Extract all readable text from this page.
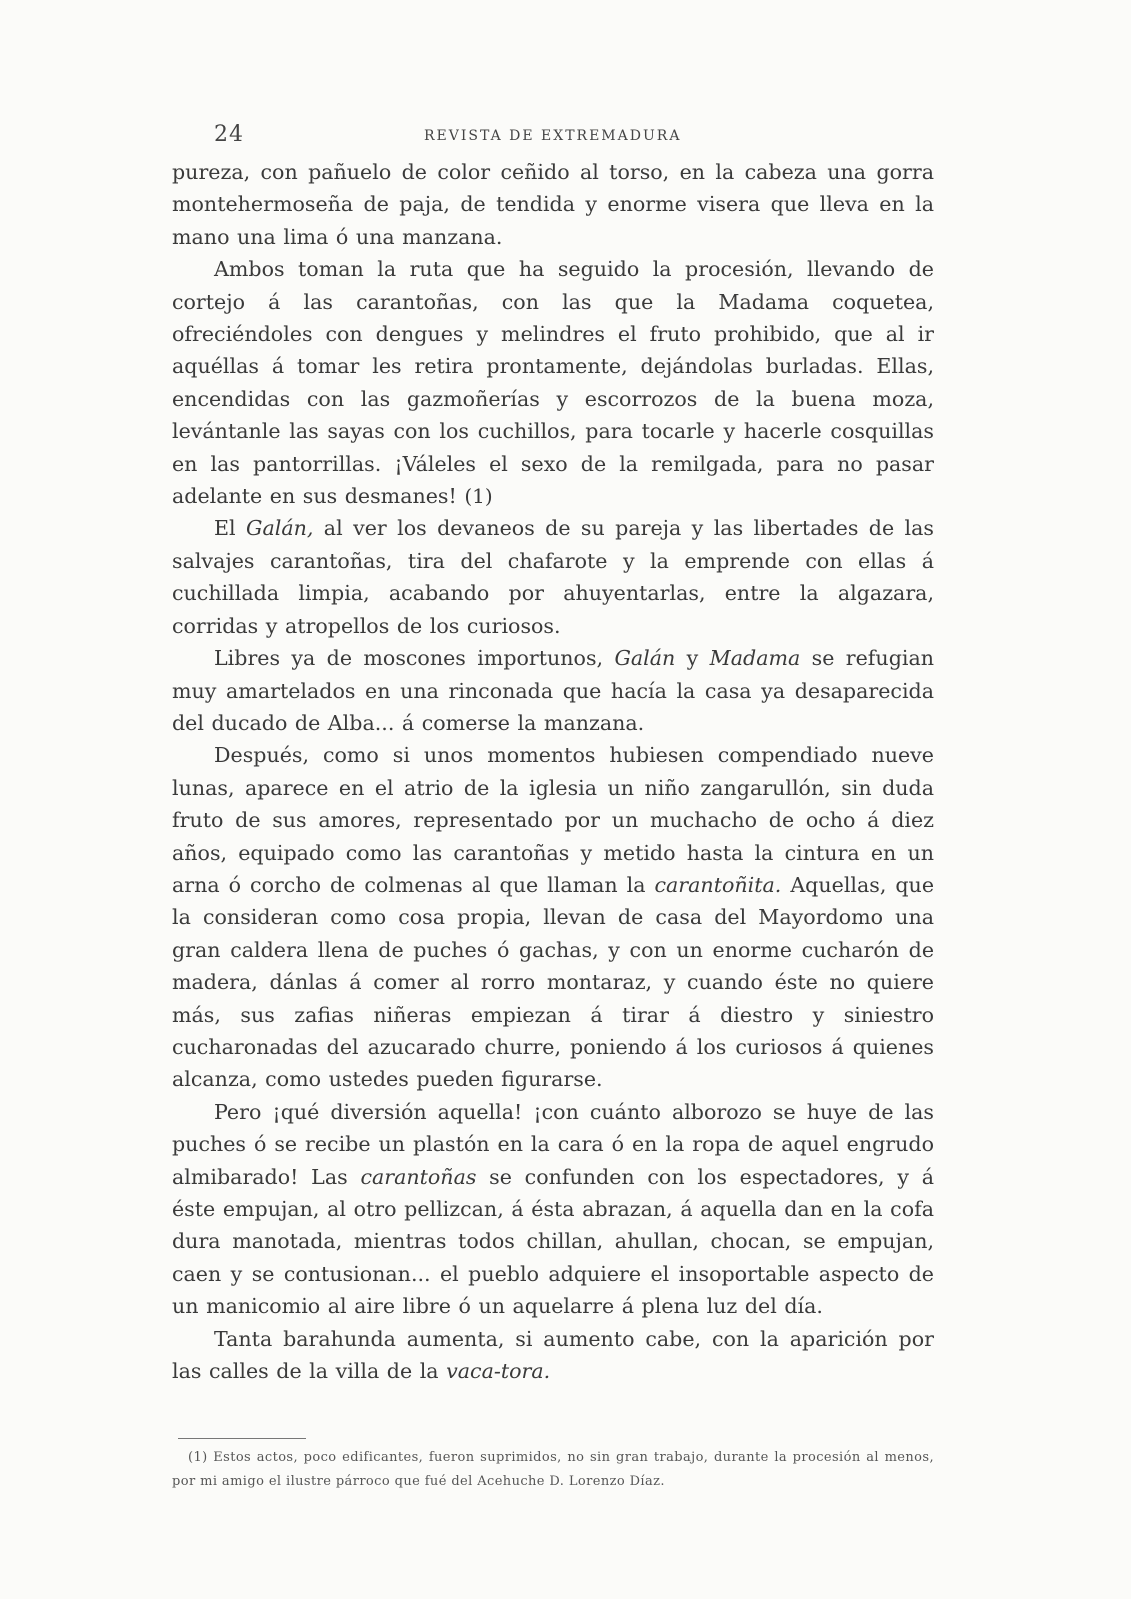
24	REVISTA DE EXTREMADURA

pureza, con pañuelo de color ceñido al torso, en la cabeza una gorra montehermoseña de paja, de tendida y enorme visera que lleva en la mano una lima ó una manzana.

Ambos toman la ruta que ha seguido la procesión, llevando de cortejo á las carantoñas, con las que la Madama coquetea, ofreciéndoles con dengues y melindres el fruto prohibido, que al ir aquéllas á tomar les retira prontamente, dejándolas burladas. Ellas, encendidas con las gazmoñerías y escorrozos de la buena moza, levántanle las sayas con los cuchillos, para tocarle y hacerle cosquillas en las pantorrillas. ¡Váleles el sexo de la remilgada, para no pasar adelante en sus desmanes! (1)

El Galán, al ver los devaneos de su pareja y las libertades de las salvajes carantoñas, tira del chafarote y la emprende con ellas á cuchillada limpia, acabando por ahuyentarlas, entre la algazara, corridas y atropellos de los curiosos.

Libres ya de moscones importunos, Galán y Madama se refugian muy amartelados en una rinconada que hacía la casa ya desaparecida del ducado de Alba... á comerse la manzana.

Después, como si unos momentos hubiesen compendiado nueve lunas, aparece en el atrio de la iglesia un niño zangarullón, sin duda fruto de sus amores, representado por un muchacho de ocho á diez años, equipado como las carantoñas y metido hasta la cintura en un arna ó corcho de colmenas al que llaman la carantoñita. Aquellas, que la consideran como cosa propia, llevan de casa del Mayordomo una gran caldera llena de puches ó gachas, y con un enorme cucharón de madera, dánlas á comer al rorro montaraz, y cuando éste no quiere más, sus zafias niñeras empiezan á tirar á diestro y siniestro cucharonadas del azucarado churre, poniendo á los curiosos á quienes alcanza, como ustedes pueden figurarse.

Pero ¡qué diversión aquella! ¡con cuánto alborozo se huye de las puches ó se recibe un plastón en la cara ó en la ropa de aquel engrudo almibarado! Las carantoñas se confunden con los espectadores, y á éste empujan, al otro pellizcan, á ésta abrazan, á aquella dan en la cofa dura manotada, mientras todos chillan, ahullan, chocan, se empujan, caen y se contusionan... el pueblo adquiere el insoportable aspecto de un manicomio al aire libre ó un aquelarre á plena luz del día.

Tanta barahunda aumenta, si aumento cabe, con la aparición por las calles de la villa de la vaca-tora.

(1) Estos actos, poco edificantes, fueron suprimidos, no sin gran trabajo, durante la procesión al menos, por mi amigo el ilustre párroco que fué del Acehuche D. Lorenzo Díaz.
